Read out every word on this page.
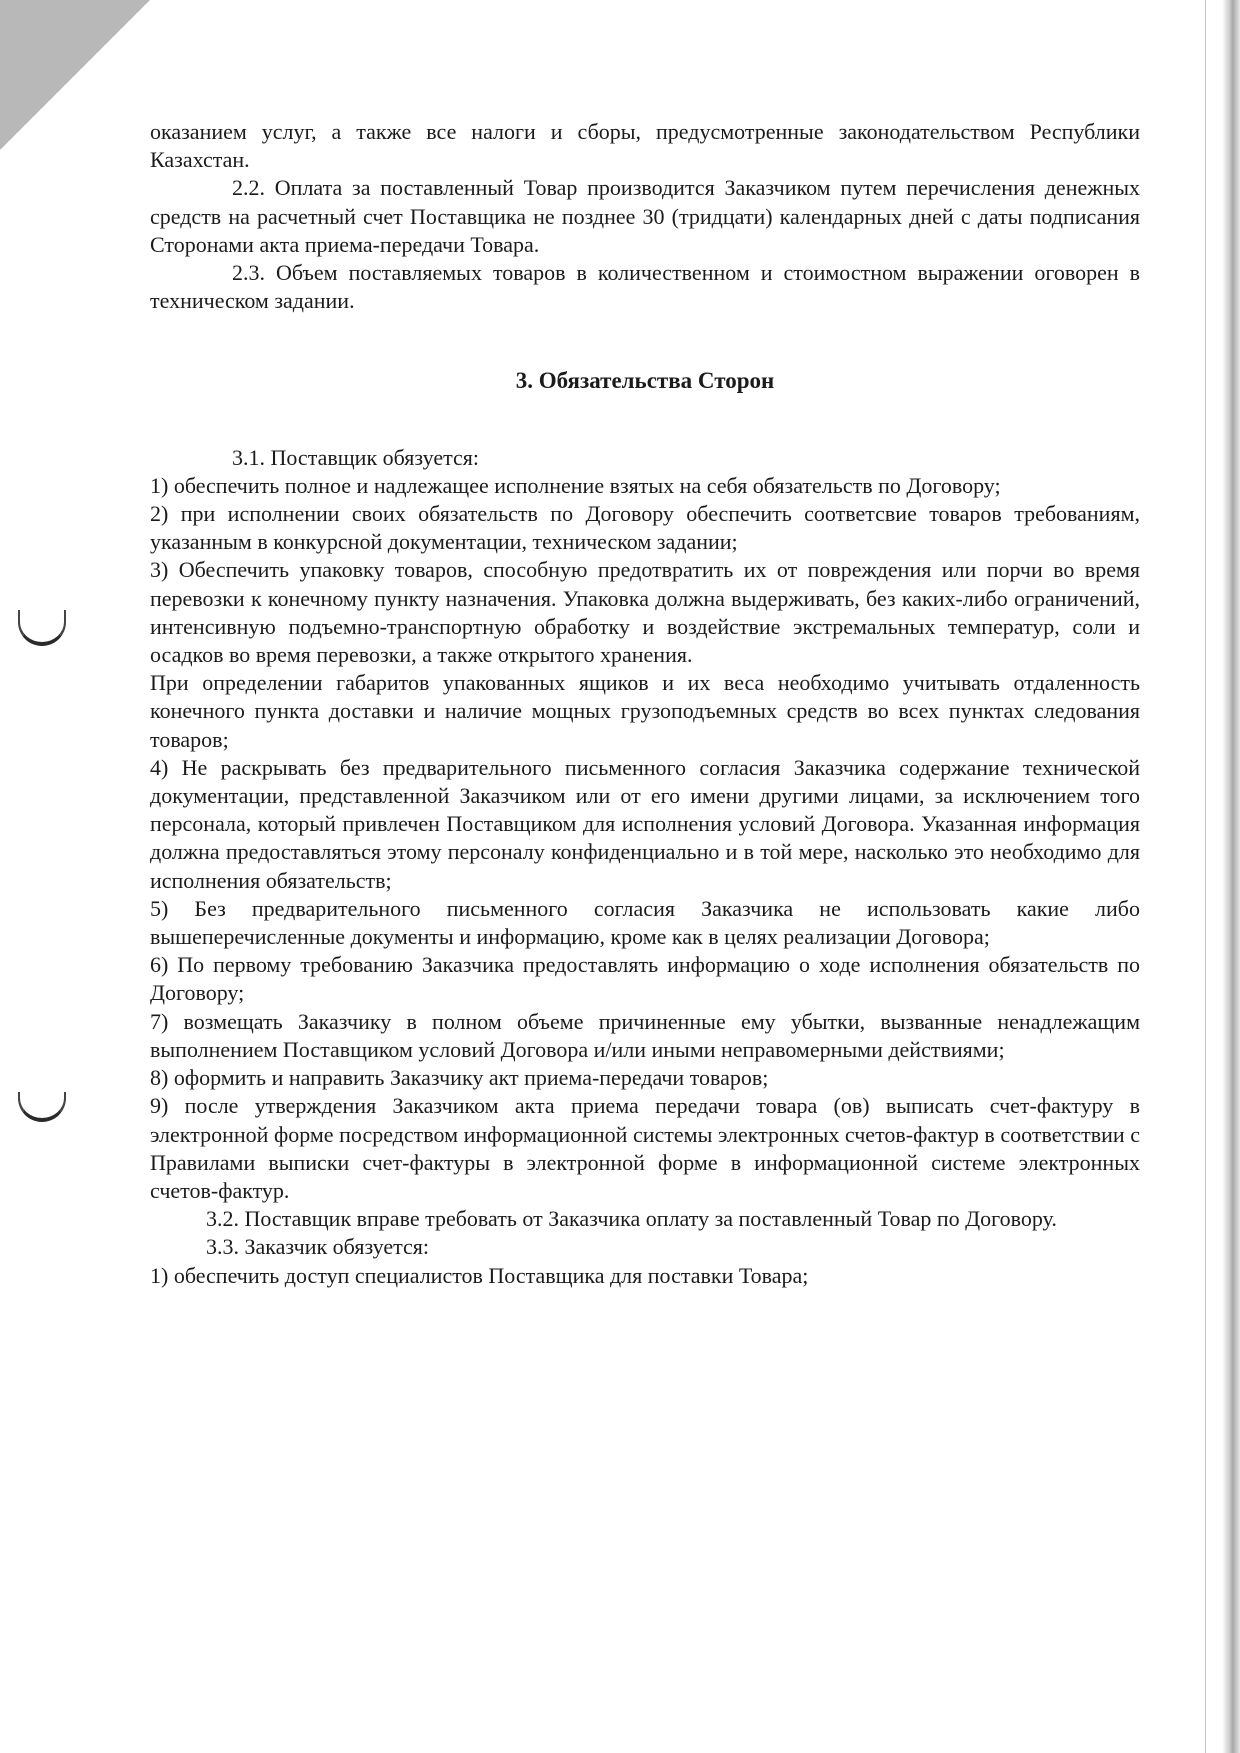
оказанием услуг, а также все налоги и сборы, предусмотренные законодательством Республики Казахстан.

2.2. Оплата за поставленный Товар производится Заказчиком путем перечисления денежных средств на расчетный счет Поставщика не позднее 30 (тридцати) календарных дней с даты подписания Сторонами акта приема-передачи Товара.

2.3. Объем поставляемых товаров в количественном и стоимостном выражении оговорен в техническом задании.

3. Обязательства Сторон

3.1. Поставщик обязуется:

1) обеспечить полное и надлежащее исполнение взятых на себя обязательств по Договору;

2) при исполнении своих обязательств по Договору обеспечить соответсвие товаров требованиям, указанным в конкурсной документации, техническом задании;

3) Обеспечить упаковку товаров, способную предотвратить их от повреждения или порчи во время перевозки к конечному пункту назначения. Упаковка должна выдерживать, без каких-либо ограничений, интенсивную подъемно-транспортную обработку и воздействие экстремальных температур, соли и осадков во время перевозки, а также открытого хранения.

При определении габаритов упакованных ящиков и их веса необходимо учитывать отдаленность конечного пункта доставки и наличие мощных грузоподъемных средств во всех пунктах следования товаров;

4) Не раскрывать без предварительного письменного согласия Заказчика содержание технической документации, представленной Заказчиком или от его имени другими лицами, за исключением того персонала, который привлечен Поставщиком для исполнения условий Договора. Указанная информация должна предоставляться этому персоналу конфиденциально и в той мере, насколько это необходимо для исполнения обязательств;

5) Без предварительного письменного согласия Заказчика не использовать какие либо вышеперечисленные документы и информацию, кроме как в целях реализации Договора;

6) По первому требованию Заказчика предоставлять информацию о ходе исполнения обязательств по Договору;

7) возмещать Заказчику в полном объеме причиненные ему убытки, вызванные ненадлежащим выполнением Поставщиком условий Договора и/или иными неправомерными действиями;

8) оформить и направить Заказчику акт приема-передачи товаров;

9) после утверждения Заказчиком акта приема передачи товара (ов) выписать счет-фактуру в электронной форме посредством информационной системы электронных счетов-фактур в соответствии с Правилами выписки счет-фактуры в электронной форме в информационной системе электронных счетов-фактур.

3.2. Поставщик вправе требовать от Заказчика оплату за поставленный Товар по Договору.

3.3. Заказчик обязуется:

1) обеспечить доступ специалистов Поставщика для поставки Товара;
